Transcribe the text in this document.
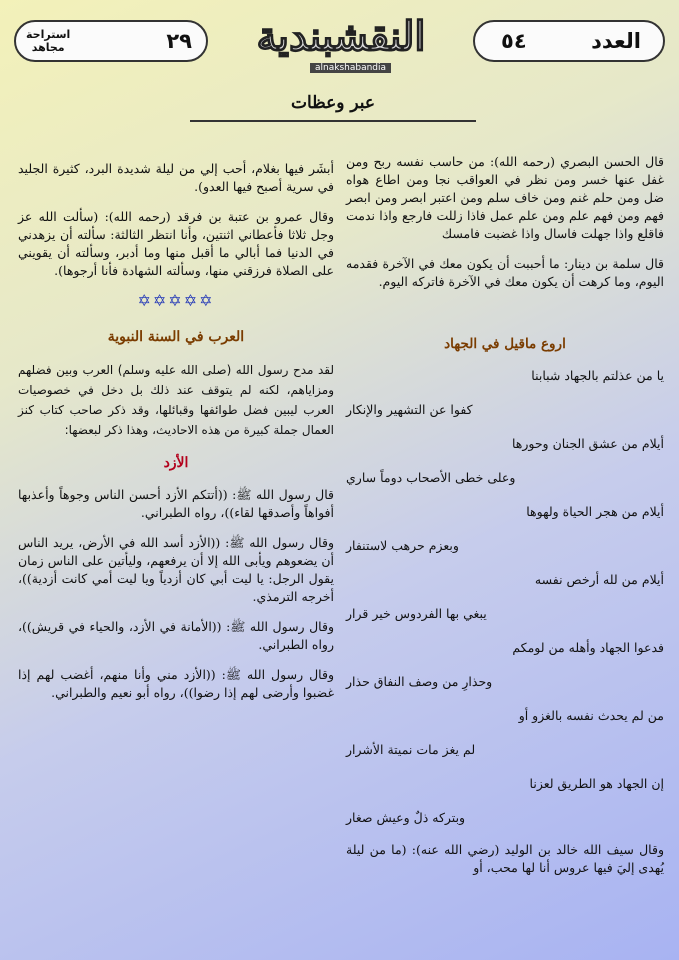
استراحة
مجاهد	٢٩	النقشبندية
alnakshabandia
٥٤	العدد
عبر وعظات

قال الحسن البصري (رحمه الله): من حاسب نفسه ربح ومن غفل عنها خسر ومن نظر في العواقب نجا ومن اطاع هواه ضل ومن حلم غنم ومن خاف سلم ومن اعتبر ابصر ومن ابصر فهم ومن فهم علم ومن علم عمل فاذا زللت فارجع واذا ندمت فاقلع واذا جهلت فاسال واذا غضبت فامسك

قال سلمة بن دينار: ما أحببت أن يكون معك في الآخرة فقدمه اليوم، وما كرهت أن يكون معك في الآخرة فاتركه اليوم.

اروع ماقيل في الجهاد
يا من عذلتم بالجهاد شبابنا
كفوا عن التشهير والإنكار
أيلام من عشق الجنان وحورها
وعلى خطى الأصحاب دوماً ساري
أيلام من هجر الحياة ولهوها
وبعزم حرهب لاستنفار
أيلام من لله أرخص نفسه
يبغي بها الفردوس خير قرار
فدعوا الجهاد وأهله من لومكم
وحذارِ من وصف النفاق حذار
من لم يحدث نفسه بالغزو أو
لم يغز مات نميتة الأشرار
إن الجهاد هو الطريق لعزنا
وبتركه ذلٌ وعيش صغار

وقال سيف الله خالد بن الوليد (رضي الله عنه): (ما من ليلة يُهدى إليَ فيها عروس أنا لها محب، أو

أبشَر فيها بغلام، أحب إلي من ليلة شديدة البرد، كثيرة الجليد في سرية أصبح فيها العدو).

وقال عمرو بن عتبة بن فرقد (رحمه الله): (سألت الله عز وجل ثلاثا فأعطاني اثنتين، وأنا انتظر الثالثة: سألته أن يزهدني في الدنيا فما أبالي ما أقبل منها وما أدبر، وسألته أن يقويني على الصلاة فرزقني منها، وسألته الشهادة فأنا أرجوها).

✡✡✡✡✡
العرب في السنة النبوية

لقد مدح رسول الله (صلى الله عليه وسلم) العرب وبين فضلهم ومزاياهم، لكنه لم يتوقف عند ذلك بل دخل في خصوصيات العرب ليبين فضل طوائفها وقبائلها، وقد ذكر صاحب كتاب كنز العمال جملة كبيرة من هذه الاحاديث، وهذا ذكر لبعضها:

الأزد

قال رسول الله ﷺ: ((أتتكم الأزد أحسن الناس وجوهاً وأعذبها أفواهاً وأصدقها لقاء))، رواه الطبراني.

وقال رسول الله ﷺ: ((الأزد أسد الله في الأرض، يريد الناس أن يضعوهم ويأبى الله إلا أن يرفعهم، وليأتين على الناس زمان يقول الرجل: يا ليت أبي كان أزدياً ويا ليت أمي كانت أزدية))، أخرجه الترمذي.

وقال رسول الله ﷺ: ((الأمانة في الأزد، والحياء في قريش))، رواه الطبراني.

وقال رسول الله ﷺ: ((الأزد مني وأنا منهم، أغضب لهم إذا غضبوا وأرضى لهم إذا رضوا))، رواه أبو نعيم والطبراني.
